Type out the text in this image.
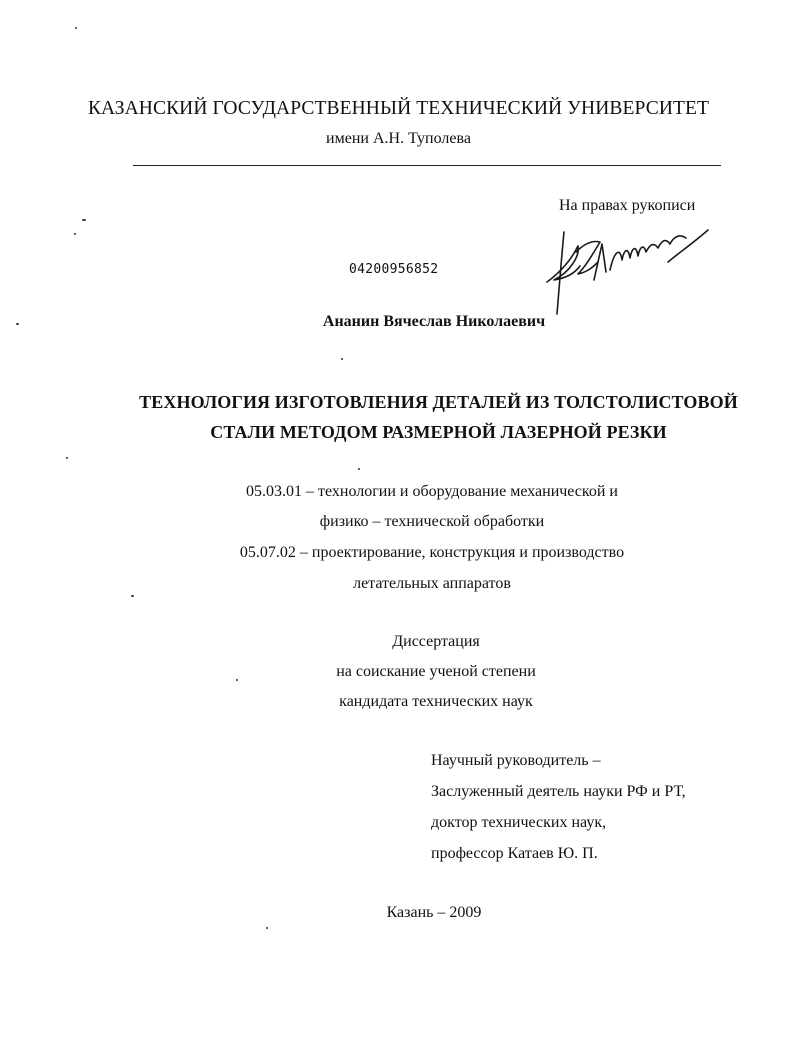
КАЗАНСКИЙ ГОСУДАРСТВЕННЫЙ ТЕХНИЧЕСКИЙ УНИВЕРСИТЕТ
имени А.Н. Туполева
На правах рукописи
04200956852
Ананин Вячеслав Николаевич
ТЕХНОЛОГИЯ ИЗГОТОВЛЕНИЯ ДЕТАЛЕЙ ИЗ ТОЛСТОЛИСТОВОЙ
СТАЛИ МЕТОДОМ РАЗМЕРНОЙ ЛАЗЕРНОЙ РЕЗКИ
05.03.01 – технологии и оборудование механической и
физико – технической обработки
05.07.02 – проектирование, конструкция и производство
летательных аппаратов
Диссертация
на соискание ученой степени
кандидата технических наук
Научный руководитель –
Заслуженный деятель науки РФ и РТ,
доктор технических наук,
профессор Катаев Ю. П.
Казань – 2009
